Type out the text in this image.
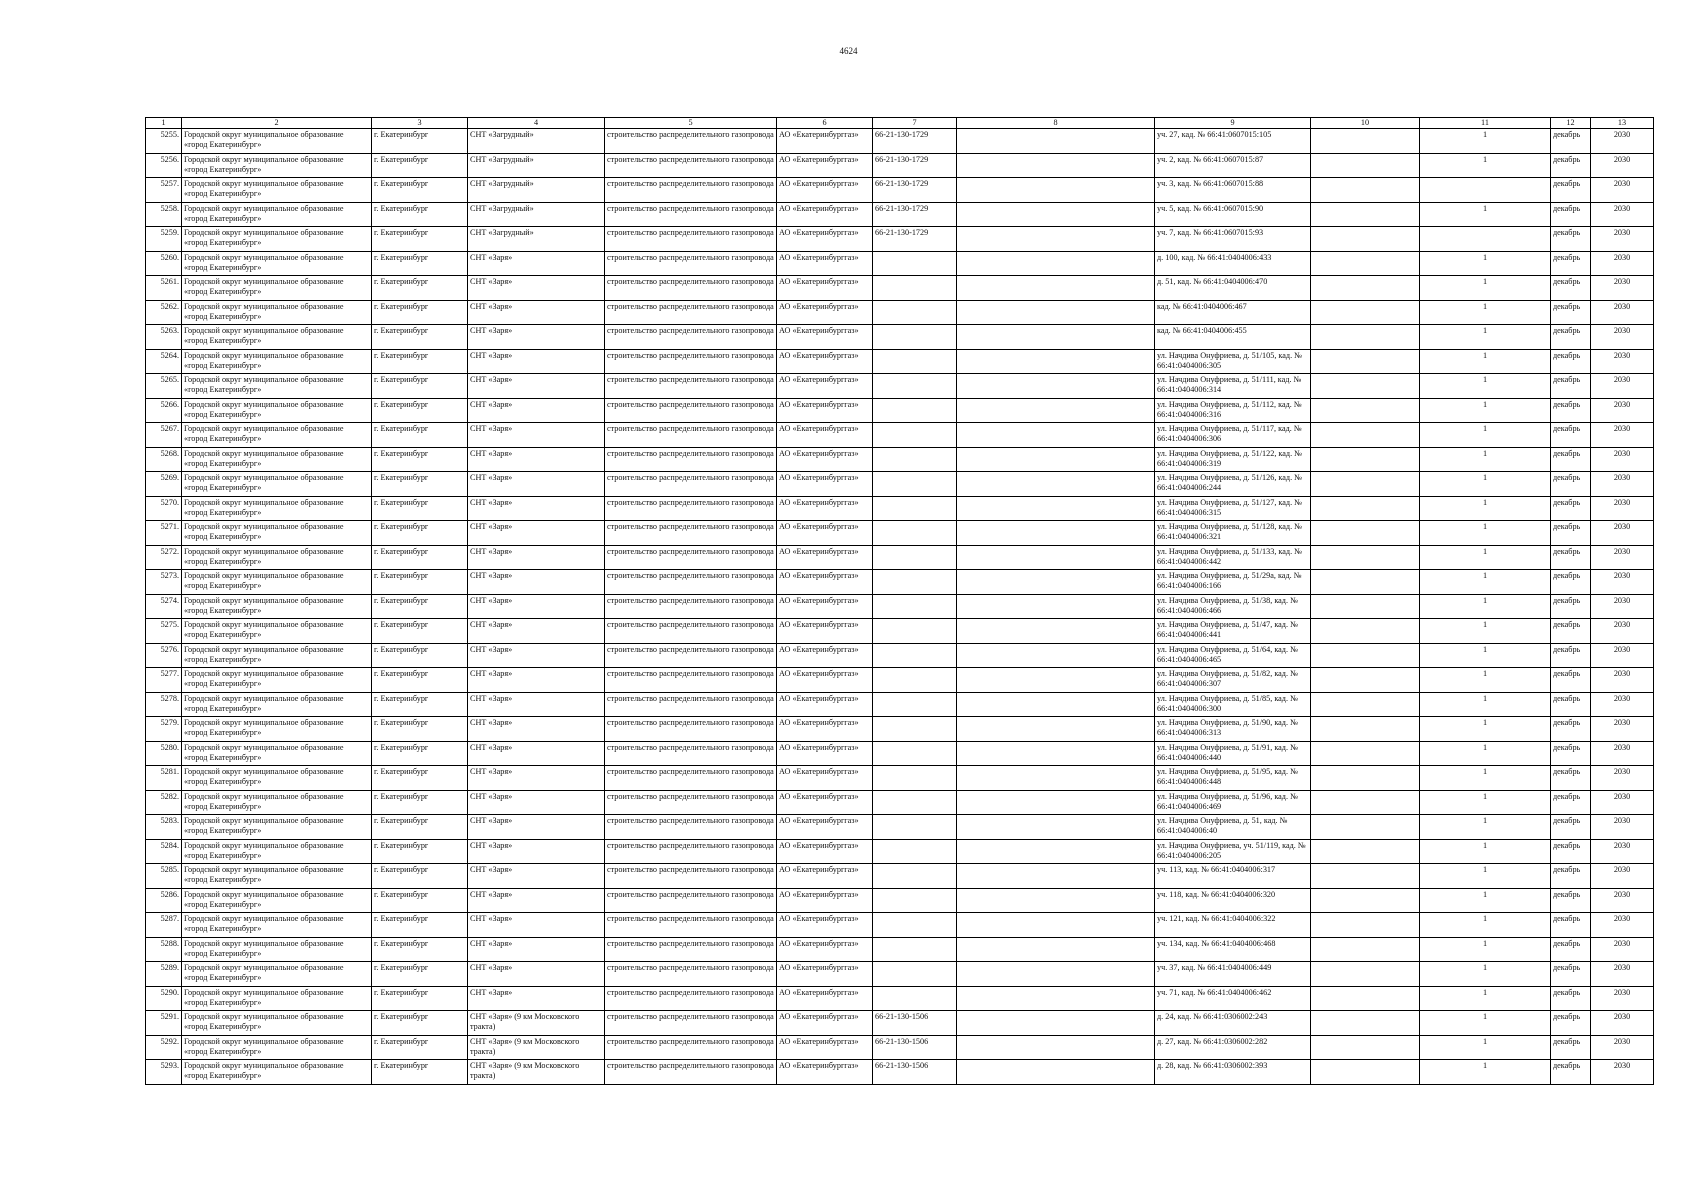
4624
1	2	3	4	5	6	7	8	9	10	11	12	13
5255.	Городской округ муниципальное образование «город Екатеринбург»	г. Екатеринбург	СНТ «Загрудный»	строительство распределительного газопровода	АО «Екатеринбурггаз»	66-21-130-1729		уч. 27, кад. № 66:41:0607015:105		1	декабрь	2030
5256.	Городской округ муниципальное образование «город Екатеринбург»	г. Екатеринбург	СНТ «Загрудный»	строительство распределительного газопровода	АО «Екатеринбурггаз»	66-21-130-1729		уч. 2, кад. № 66:41:0607015:87		1	декабрь	2030
5257.	Городской округ муниципальное образование «город Екатеринбург»	г. Екатеринбург	СНТ «Загрудный»	строительство распределительного газопровода	АО «Екатеринбурггаз»	66-21-130-1729		уч. 3, кад. № 66:41:0607015:88			декабрь	2030
5258.	Городской округ муниципальное образование «город Екатеринбург»	г. Екатеринбург	СНТ «Загрудный»	строительство распределительного газопровода	АО «Екатеринбурггаз»	66-21-130-1729		уч. 5, кад. № 66:41:0607015:90		1	декабрь	2030
5259.	Городской округ муниципальное образование «город Екатеринбург»	г. Екатеринбург	СНТ «Загрудный»	строительство распределительного газопровода	АО «Екатеринбурггаз»	66-21-130-1729		уч. 7, кад. № 66:41:0607015:93			декабрь	2030
5260.	Городской округ муниципальное образование «город Екатеринбург»	г. Екатеринбург	СНТ «Заря»	строительство распределительного газопровода	АО «Екатеринбурггаз»			д. 100, кад. № 66:41:0404006:433		1	декабрь	2030
5261.	Городской округ муниципальное образование «город Екатеринбург»	г. Екатеринбург	СНТ «Заря»	строительство распределительного газопровода	АО «Екатеринбурггаз»			д. 51, кад. № 66:41:0404006:470		1	декабрь	2030
5262.	Городской округ муниципальное образование «город Екатеринбург»	г. Екатеринбург	СНТ «Заря»	строительство распределительного газопровода	АО «Екатеринбурггаз»			кад. № 66:41:0404006:467		1	декабрь	2030
5263.	Городской округ муниципальное образование «город Екатеринбург»	г. Екатеринбург	СНТ «Заря»	строительство распределительного газопровода	АО «Екатеринбурггаз»			кад. № 66:41:0404006:455		1	декабрь	2030
5264.	Городской округ муниципальное образование «город Екатеринбург»	г. Екатеринбург	СНТ «Заря»	строительство распределительного газопровода	АО «Екатеринбурггаз»			ул. Начдива Онуфриева, д. 51/105, кад. № 66:41:0404006:305		1	декабрь	2030
5265.	Городской округ муниципальное образование «город Екатеринбург»	г. Екатеринбург	СНТ «Заря»	строительство распределительного газопровода	АО «Екатеринбурггаз»			ул. Начдива Онуфриева, д. 51/111, кад. № 66:41:0404006:314		1	декабрь	2030
5266.	Городской округ муниципальное образование «город Екатеринбург»	г. Екатеринбург	СНТ «Заря»	строительство распределительного газопровода	АО «Екатеринбурггаз»			ул. Начдива Онуфриева, д. 51/112, кад. № 66:41:0404006:316		1	декабрь	2030
5267.	Городской округ муниципальное образование «город Екатеринбург»	г. Екатеринбург	СНТ «Заря»	строительство распределительного газопровода	АО «Екатеринбурггаз»			ул. Начдива Онуфриева, д. 51/117, кад. № 66:41:0404006:306		1	декабрь	2030
5268.	Городской округ муниципальное образование «город Екатеринбург»	г. Екатеринбург	СНТ «Заря»	строительство распределительного газопровода	АО «Екатеринбурггаз»			ул. Начдива Онуфриева, д. 51/122, кад. № 66:41:0404006:319		1	декабрь	2030
5269.	Городской округ муниципальное образование «город Екатеринбург»	г. Екатеринбург	СНТ «Заря»	строительство распределительного газопровода	АО «Екатеринбурггаз»			ул. Начдива Онуфриева, д. 51/126, кад. № 66:41:0404006:244		1	декабрь	2030
5270.	Городской округ муниципальное образование «город Екатеринбург»	г. Екатеринбург	СНТ «Заря»	строительство распределительного газопровода	АО «Екатеринбурггаз»			ул. Начдива Онуфриева, д. 51/127, кад. № 66:41:0404006:315		1	декабрь	2030
5271.	Городской округ муниципальное образование «город Екатеринбург»	г. Екатеринбург	СНТ «Заря»	строительство распределительного газопровода	АО «Екатеринбурггаз»			ул. Начдива Онуфриева, д. 51/128, кад. № 66:41:0404006:321		1	декабрь	2030
5272.	Городской округ муниципальное образование «город Екатеринбург»	г. Екатеринбург	СНТ «Заря»	строительство распределительного газопровода	АО «Екатеринбурггаз»			ул. Начдива Онуфриева, д. 51/133, кад. № 66:41:0404006:442		1	декабрь	2030
5273.	Городской округ муниципальное образование «город Екатеринбург»	г. Екатеринбург	СНТ «Заря»	строительство распределительного газопровода	АО «Екатеринбурггаз»			ул. Начдива Онуфриева, д. 51/29а, кад. № 66:41:0404006:166		1	декабрь	2030
5274.	Городской округ муниципальное образование «город Екатеринбург»	г. Екатеринбург	СНТ «Заря»	строительство распределительного газопровода	АО «Екатеринбурггаз»			ул. Начдива Онуфриева, д. 51/38, кад. № 66:41:0404006:466		1	декабрь	2030
5275.	Городской округ муниципальное образование «город Екатеринбург»	г. Екатеринбург	СНТ «Заря»	строительство распределительного газопровода	АО «Екатеринбурггаз»			ул. Начдива Онуфриева, д. 51/47, кад. № 66:41:0404006:441		1	декабрь	2030
5276.	Городской округ муниципальное образование «город Екатеринбург»	г. Екатеринбург	СНТ «Заря»	строительство распределительного газопровода	АО «Екатеринбурггаз»			ул. Начдива Онуфриева, д. 51/64, кад. № 66:41:0404006:465		1	декабрь	2030
5277.	Городской округ муниципальное образование «город Екатеринбург»	г. Екатеринбург	СНТ «Заря»	строительство распределительного газопровода	АО «Екатеринбурггаз»			ул. Начдива Онуфриева, д. 51/82, кад. № 66:41:0404006:307		1	декабрь	2030
5278.	Городской округ муниципальное образование «город Екатеринбург»	г. Екатеринбург	СНТ «Заря»	строительство распределительного газопровода	АО «Екатеринбурггаз»			ул. Начдива Онуфриева, д. 51/85, кад. № 66:41:0404006:300		1	декабрь	2030
5279.	Городской округ муниципальное образование «город Екатеринбург»	г. Екатеринбург	СНТ «Заря»	строительство распределительного газопровода	АО «Екатеринбурггаз»			ул. Начдива Онуфриева, д. 51/90, кад. № 66:41:0404006:313		1	декабрь	2030
5280.	Городской округ муниципальное образование «город Екатеринбург»	г. Екатеринбург	СНТ «Заря»	строительство распределительного газопровода	АО «Екатеринбурггаз»			ул. Начдива Онуфриева, д. 51/91, кад. № 66:41:0404006:440		1	декабрь	2030
5281.	Городской округ муниципальное образование «город Екатеринбург»	г. Екатеринбург	СНТ «Заря»	строительство распределительного газопровода	АО «Екатеринбурггаз»			ул. Начдива Онуфриева, д. 51/95, кад. № 66:41:0404006:448		1	декабрь	2030
5282.	Городской округ муниципальное образование «город Екатеринбург»	г. Екатеринбург	СНТ «Заря»	строительство распределительного газопровода	АО «Екатеринбурггаз»			ул. Начдива Онуфриева, д. 51/96, кад. № 66:41:0404006:469		1	декабрь	2030
5283.	Городской округ муниципальное образование «город Екатеринбург»	г. Екатеринбург	СНТ «Заря»	строительство распределительного газопровода	АО «Екатеринбурггаз»			ул. Начдива Онуфриева, д. 51, кад. № 66:41:0404006:40		1	декабрь	2030
5284.	Городской округ муниципальное образование «город Екатеринбург»	г. Екатеринбург	СНТ «Заря»	строительство распределительного газопровода	АО «Екатеринбурггаз»			ул. Начдива Онуфриева, уч. 51/119, кад. № 66:41:0404006:205		1	декабрь	2030
5285.	Городской округ муниципальное образование «город Екатеринбург»	г. Екатеринбург	СНТ «Заря»	строительство распределительного газопровода	АО «Екатеринбурггаз»			уч. 113, кад. № 66:41:0404006:317		1	декабрь	2030
5286.	Городской округ муниципальное образование «город Екатеринбург»	г. Екатеринбург	СНТ «Заря»	строительство распределительного газопровода	АО «Екатеринбурггаз»			уч. 118, кад. № 66:41:0404006:320		1	декабрь	2030
5287.	Городской округ муниципальное образование «город Екатеринбург»	г. Екатеринбург	СНТ «Заря»	строительство распределительного газопровода	АО «Екатеринбурггаз»			уч. 121, кад. № 66:41:0404006:322		1	декабрь	2030
5288.	Городской округ муниципальное образование «город Екатеринбург»	г. Екатеринбург	СНТ «Заря»	строительство распределительного газопровода	АО «Екатеринбурггаз»			уч. 134, кад. № 66:41:0404006:468		1	декабрь	2030
5289.	Городской округ муниципальное образование «город Екатеринбург»	г. Екатеринбург	СНТ «Заря»	строительство распределительного газопровода	АО «Екатеринбурггаз»			уч. 37, кад. № 66:41:0404006:449		1	декабрь	2030
5290.	Городской округ муниципальное образование «город Екатеринбург»	г. Екатеринбург	СНТ «Заря»	строительство распределительного газопровода	АО «Екатеринбурггаз»			уч. 71, кад. № 66:41:0404006:462		1	декабрь	2030
5291.	Городской округ муниципальное образование «город Екатеринбург»	г. Екатеринбург	СНТ «Заря» (9 км Московского тракта)	строительство распределительного газопровода	АО «Екатеринбурггаз»	66-21-130-1506		д. 24, кад. № 66:41:0306002:243		1	декабрь	2030
5292.	Городской округ муниципальное образование «город Екатеринбург»	г. Екатеринбург	СНТ «Заря» (9 км Московского тракта)	строительство распределительного газопровода	АО «Екатеринбурггаз»	66-21-130-1506		д. 27, кад. № 66:41:0306002:282		1	декабрь	2030
5293.	Городской округ муниципальное образование «город Екатеринбург»	г. Екатеринбург	СНТ «Заря» (9 км Московского тракта)	строительство распределительного газопровода	АО «Екатеринбурггаз»	66-21-130-1506		д. 28, кад. № 66:41:0306002:393		1	декабрь	2030
